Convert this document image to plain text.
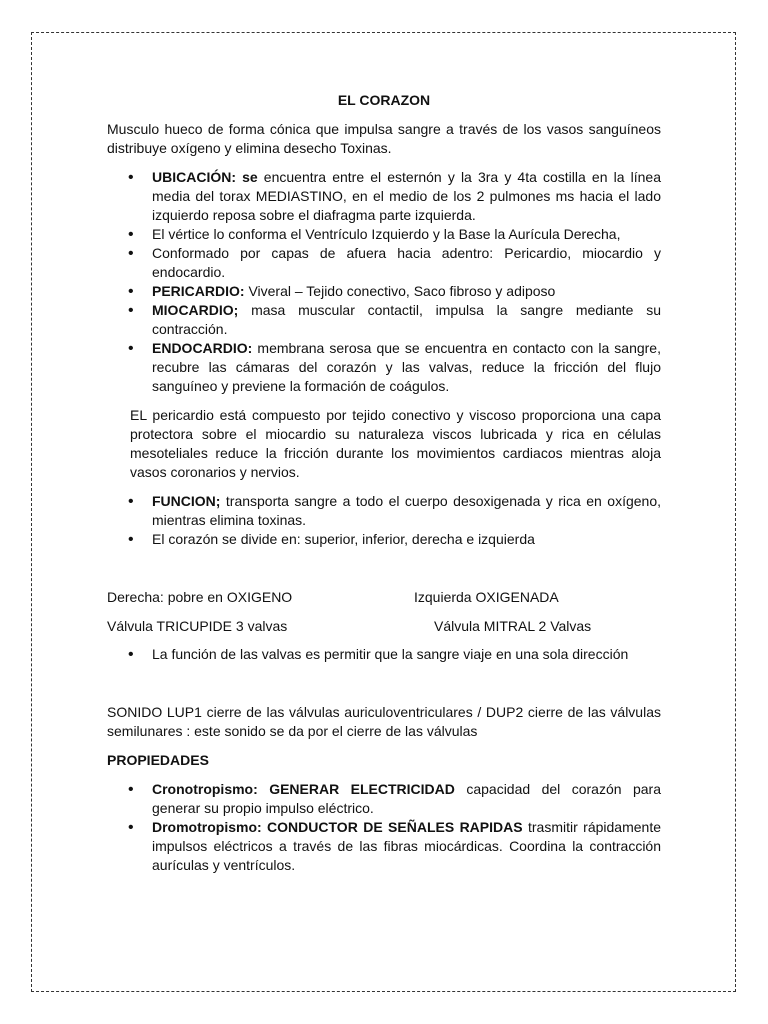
EL CORAZON

Musculo hueco de forma cónica que impulsa sangre a través de los vasos sanguíneos distribuye oxígeno y elimina desecho Toxinas.

• UBICACIÓN: se encuentra entre el esternón y la 3ra y 4ta costilla en la línea media del torax MEDIASTINO, en el medio de los 2 pulmones ms hacia el lado izquierdo reposa sobre el diafragma parte izquierda.
• El vértice lo conforma el Ventrículo Izquierdo y la Base la Aurícula Derecha,
• Conformado por capas de afuera hacia adentro: Pericardio, miocardio y endocardio.
• PERICARDIO: Viveral – Tejido conectivo, Saco fibroso y adiposo
• MIOCARDIO; masa muscular contactil, impulsa la sangre mediante su contracción.
• ENDOCARDIO: membrana serosa que se encuentra en contacto con la sangre, recubre las cámaras del corazón y las valvas, reduce la fricción del flujo sanguíneo y previene la formación de coágulos.

EL pericardio está compuesto por tejido conectivo y viscoso proporciona una capa protectora sobre el miocardio su naturaleza viscos lubricada y rica en células mesoteliales reduce la fricción durante los movimientos cardiacos mientras aloja vasos coronarios y nervios.

• FUNCION; transporta sangre a todo el cuerpo desoxigenada y rica en oxígeno, mientras elimina toxinas.
• El corazón se divide en: superior, inferior, derecha e izquierda
Derecha: pobre en OXIGENO	Izquierda OXIGENADA
Válvula TRICUPIDE 3 valvas	Válvula MITRAL 2 Valvas
• La función de las valvas es permitir que la sangre viaje en una sola dirección

SONIDO LUP1 cierre de las válvulas auriculoventriculares / DUP2 cierre de las válvulas semilunares : este sonido se da por el cierre de las válvulas

PROPIEDADES
• Cronotropismo: GENERAR ELECTRICIDAD capacidad del corazón para generar su propio impulso eléctrico.
• Dromotropismo: CONDUCTOR DE SEÑALES RAPIDAS trasmitir rápidamente impulsos eléctricos a través de las fibras miocárdicas. Coordina la contracción aurículas y ventrículos.
